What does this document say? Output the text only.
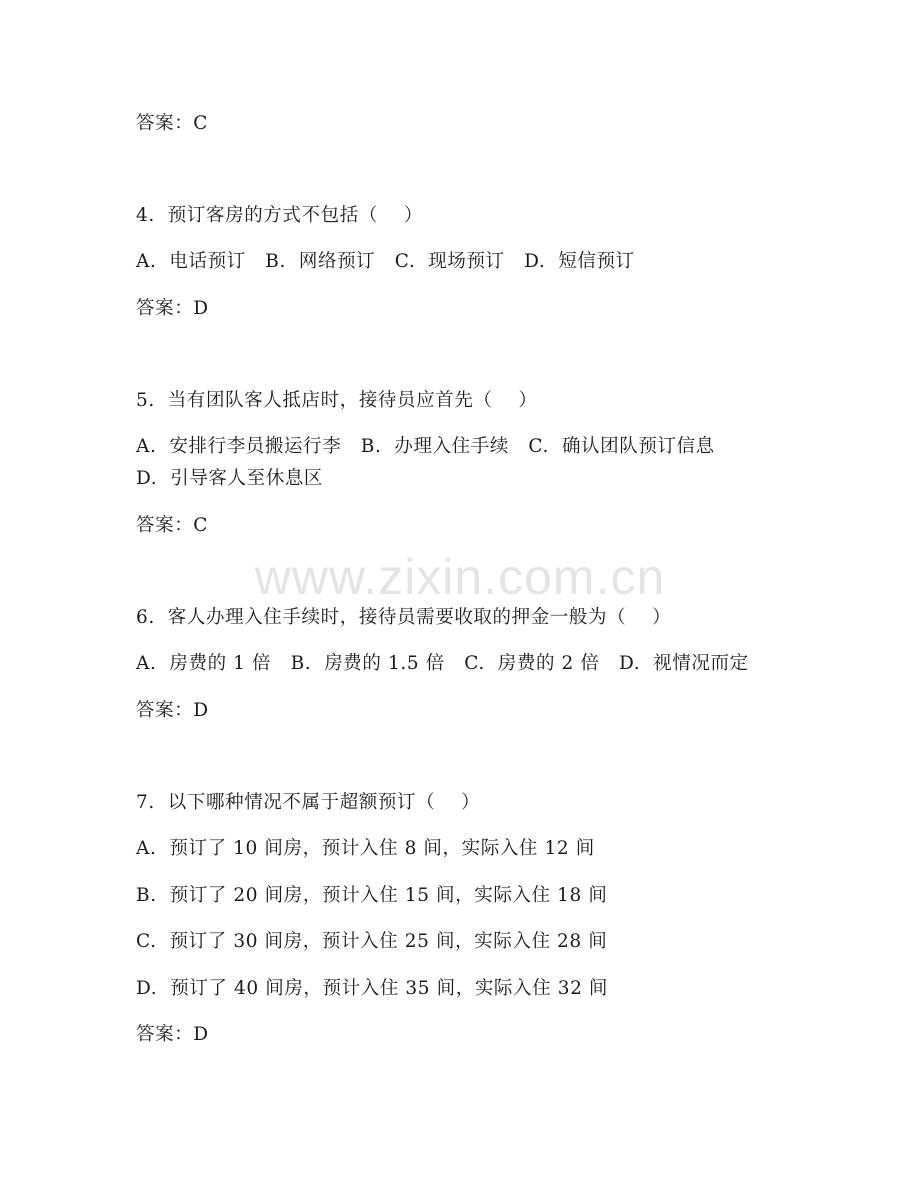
www.zixin.com.cn
答案：C
4.  预订客房的方式不包括（    ）
A.  电话预订   B.  网络预订   C.  现场预订   D.  短信预订
答案：D
5.  当有团队客人抵店时，接待员应首先（    ）
A.  安排行李员搬运行李   B.  办理入住手续   C.  确认团队预订信息
D.  引导客人至休息区
答案：C
6.  客人办理入住手续时，接待员需要收取的押金一般为（    ）
A.  房费的 1 倍   B.  房费的 1.5 倍   C.  房费的 2 倍   D.  视情况而定
答案：D
7.  以下哪种情况不属于超额预订（    ）
A.  预订了 10 间房，预计入住 8 间，实际入住 12 间
B.  预订了 20 间房，预计入住 15 间，实际入住 18 间
C.  预订了 30 间房，预计入住 25 间，实际入住 28 间
D.  预订了 40 间房，预计入住 35 间，实际入住 32 间
答案：D
